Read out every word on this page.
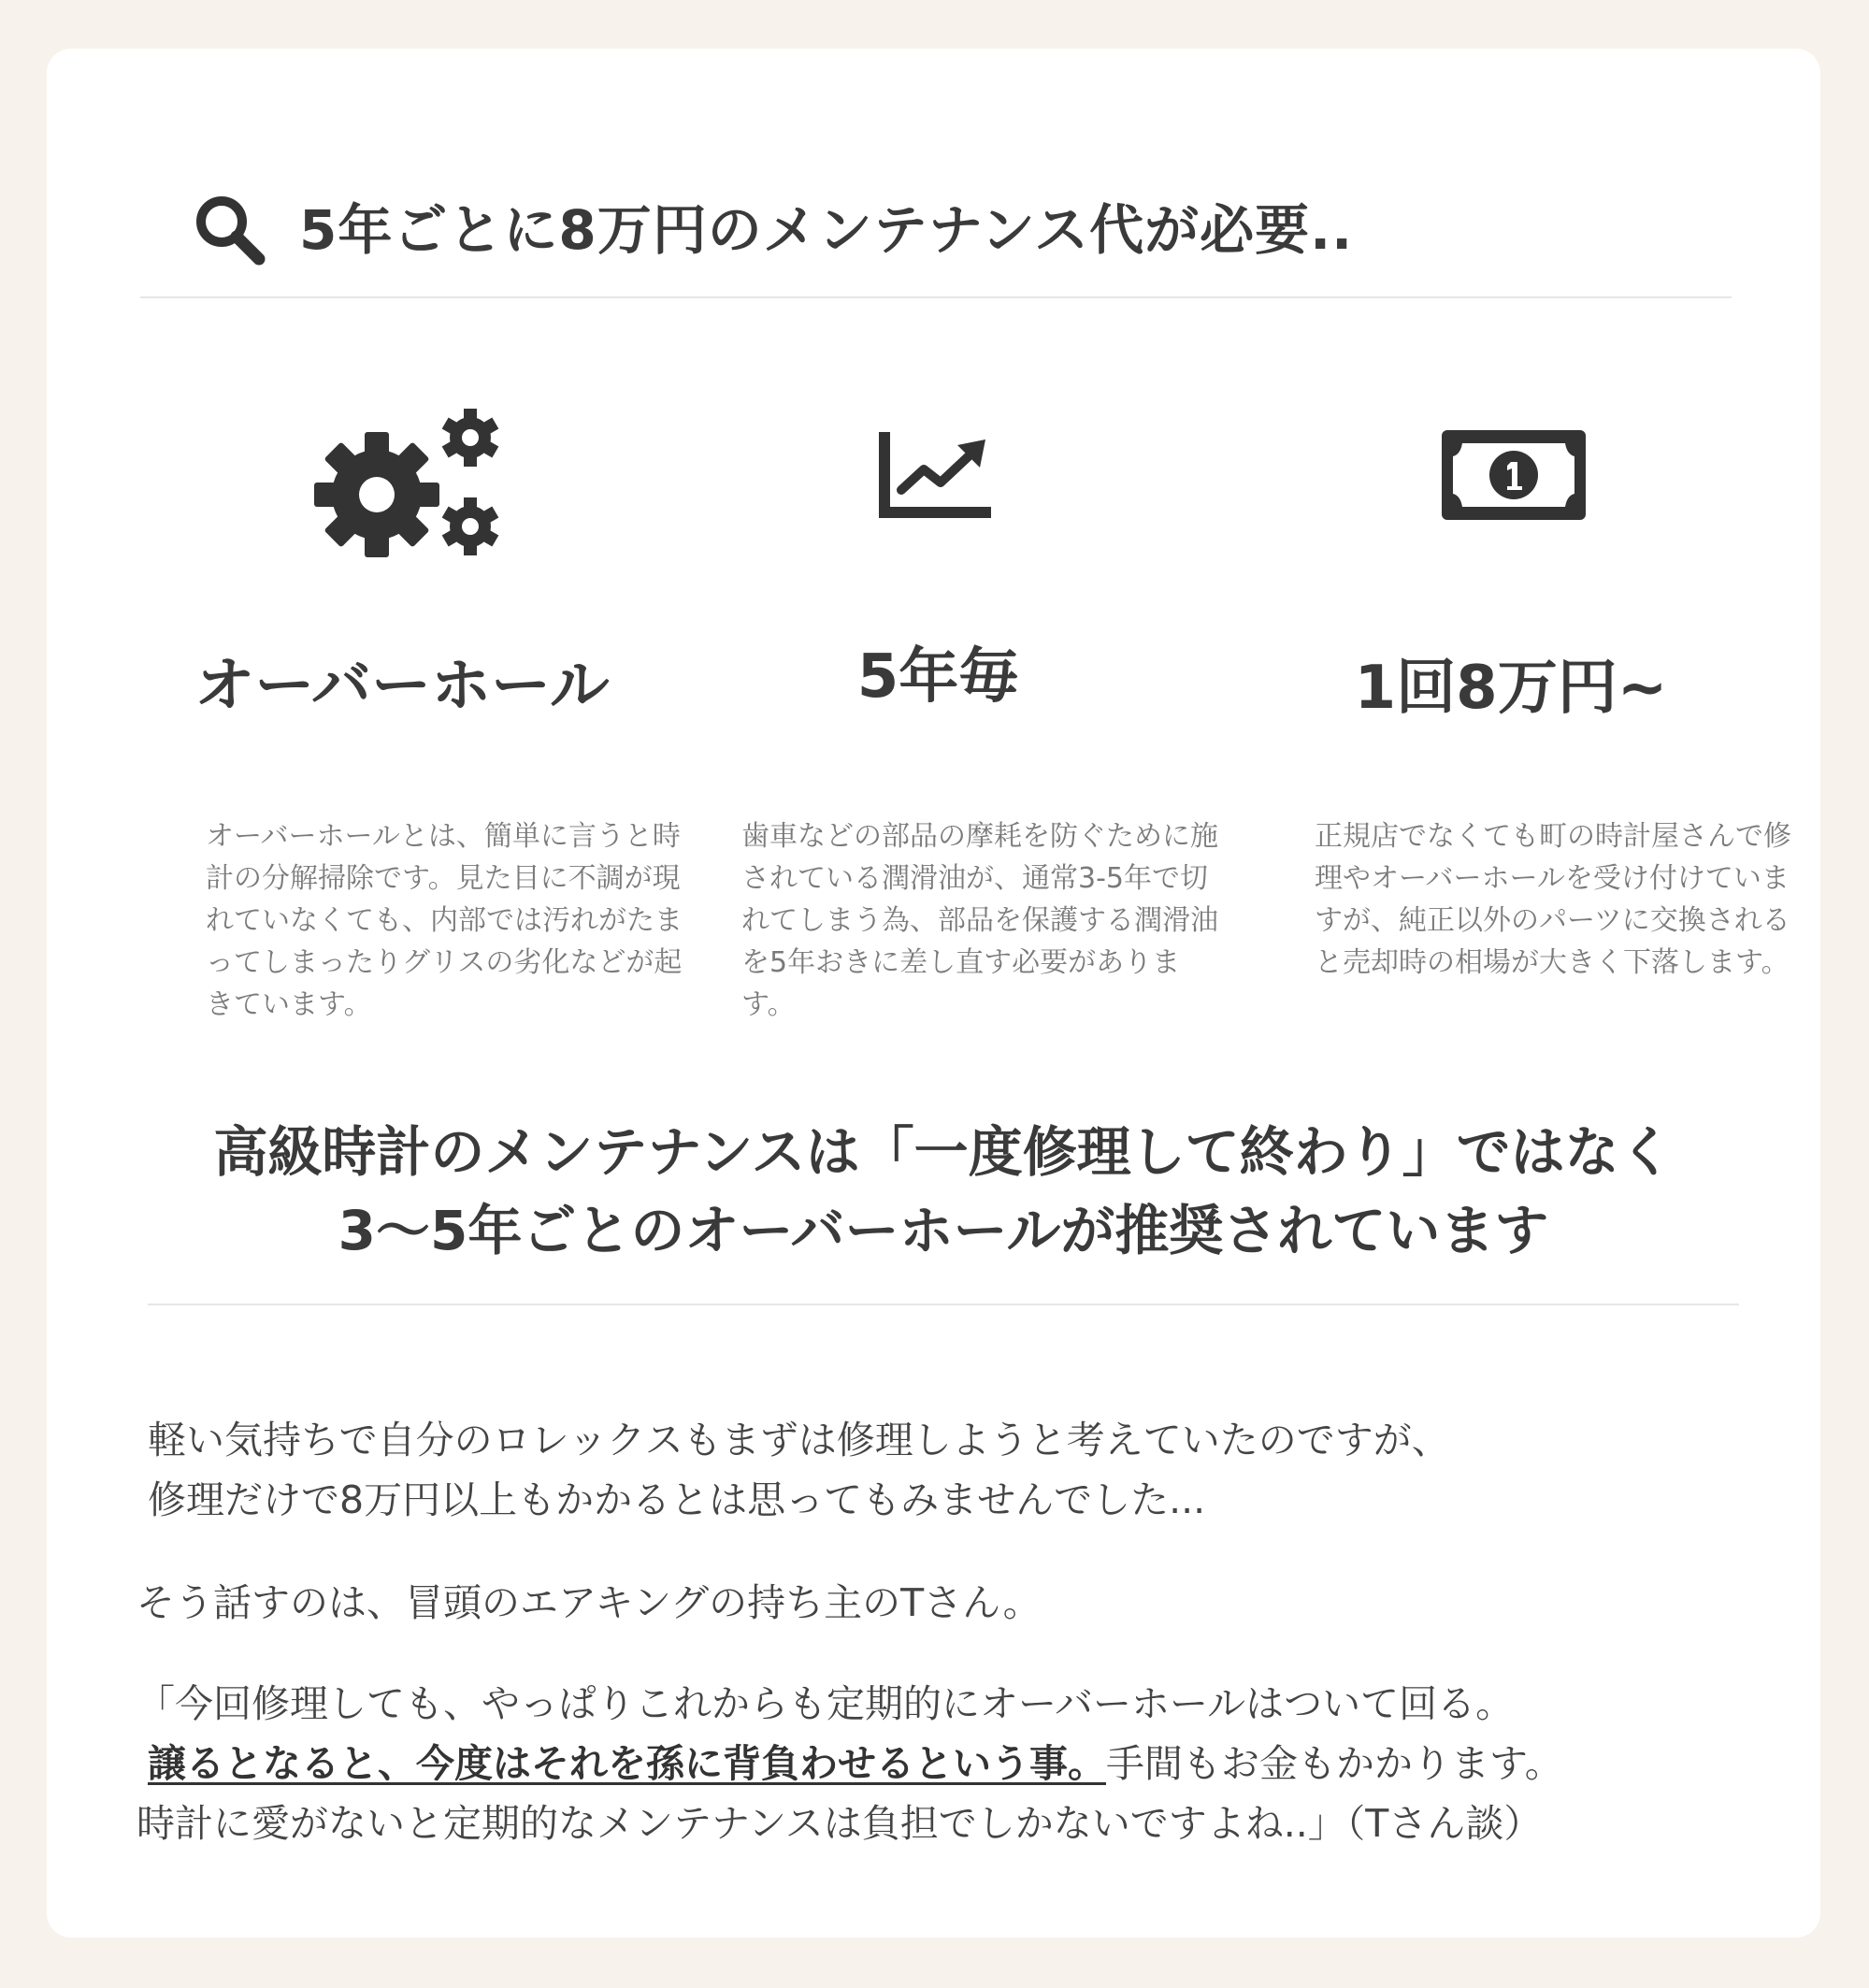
5年ごとに8万円のメンテナンス代が必要..
オーバーホール
オーバーホールとは、簡単に言うと時計の分解掃除です。見た目に不調が現れていなくても、内部では汚れがたまってしまったりグリスの劣化などが起きています。
5年毎
歯車などの部品の摩耗を防ぐために施されている潤滑油が、通常3-5年で切れてしまう為、部品を保護する潤滑油を5年おきに差し直す必要があります。
1回8万円~
正規店でなくても町の時計屋さんで修理やオーバーホールを受け付けていますが、純正以外のパーツに交換されると売却時の相場が大きく下落します。
高級時計のメンテナンスは「一度修理して終わり」ではなく
3〜5年ごとのオーバーホールが推奨されています
軽い気持ちで自分のロレックスもまずは修理しようと考えていたのですが、
修理だけで8万円以上もかかるとは思ってもみませんでした...
そう話すのは、冒頭のエアキングの持ち主のTさん。
「今回修理しても、やっぱりこれからも定期的にオーバーホールはついて回る。
譲るとなると、今度はそれを孫に背負わせるという事。手間もお金もかかります。
時計に愛がないと定期的なメンテナンスは負担でしかないですよね..」（Tさん談）
